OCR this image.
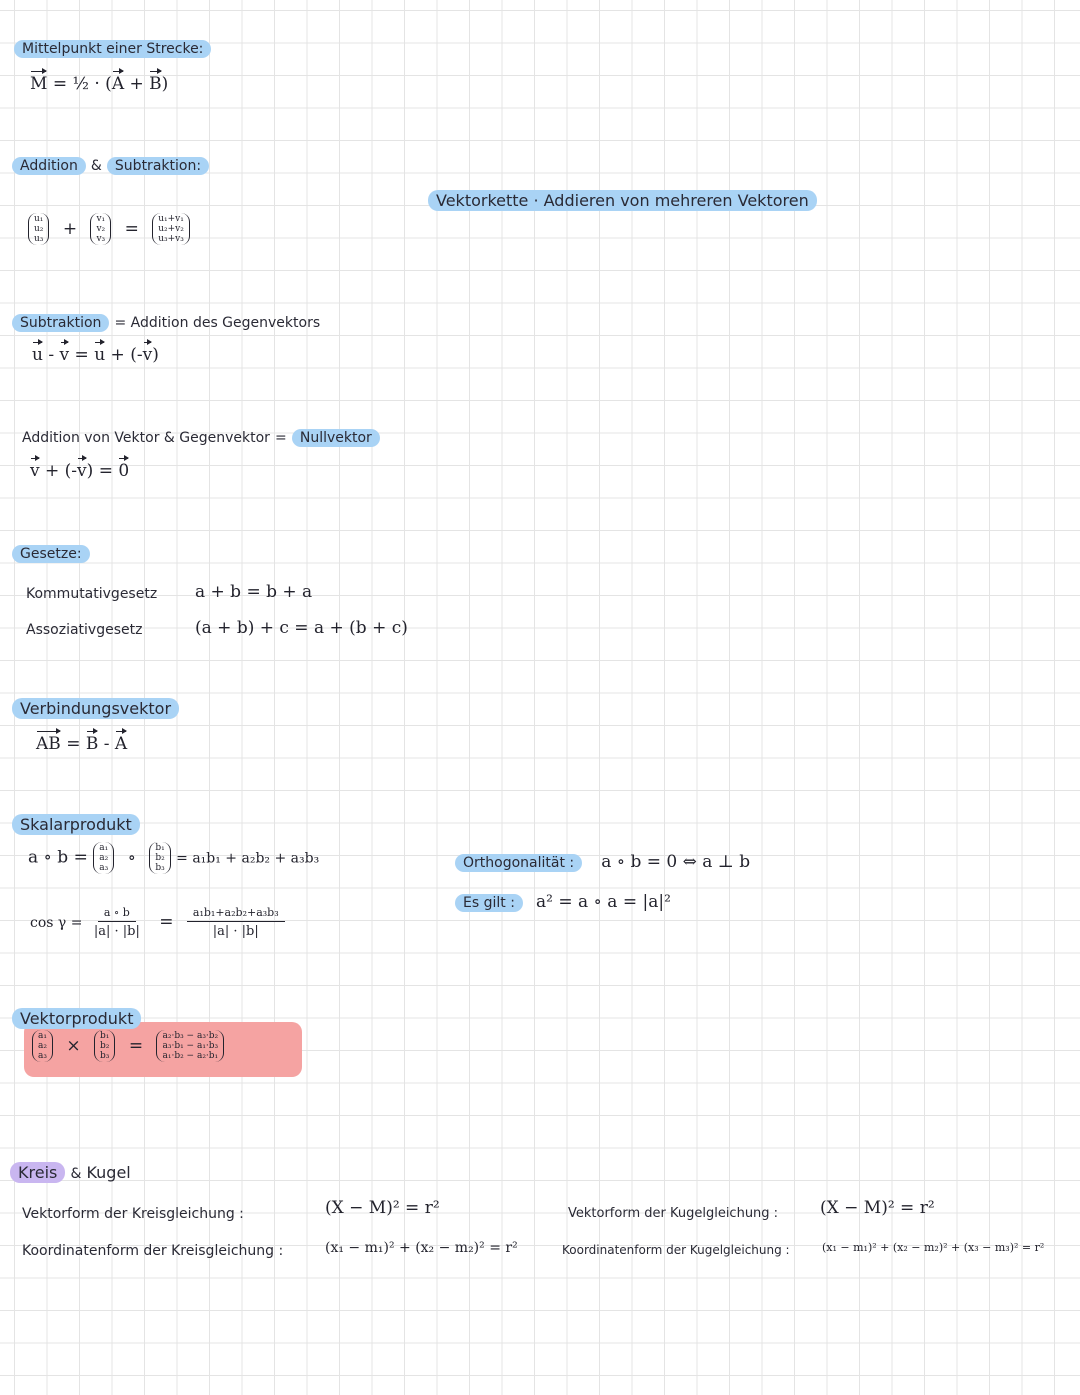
Mittelpunkt einer Strecke:
M = ½ · (A + B)
Addition & Subtraktion:
u₁
u₂
u₃
+ v₁
v₂
v₃
= u₁+v₁
u₂+v₂
u₃+v₃
Vektorkette · Addieren von mehreren Vektoren
Subtraktion = Addition des Gegenvektors
u - v = u + (-v)
Addition von Vektor & Gegenvektor = Nullvektor
v + (-v) = 0
Gesetze:
Kommutativgesetz a + b = b + a
Assoziativgesetz	(a + b) + c = a + (b + c)
Verbindungsvektor
AB = B - A
Skalarprodukt
a ∘ b = a₁
a₂
a₃
∘ b₁
b₂
b₃
= a₁b₁ + a₂b₂ + a₃b₃
$\cos \gamma = \frac{a \circ b}{|a| \cdot |b|} = \frac{\text{a₁b₁+a₂b₂+a₃b₃}}{|a| \cdot |b|}$
Orthogonalität : a ∘ b = 0 ⇔ a ⊥ b
Es gilt : a² = a ∘ a = |a|²
Vektorprodukt
a₁
a₂
a₃
× b₁
b₂
b₃
= a₂·b₃ − a₃·b₂
a₃·b₁ − a₁·b₃
a₁·b₂ − a₂·b₁
Kreis & Kugel
Vektorform der Kreisgleichung :	(X − M)² = r²
Koordinatenform der Kreisgleichung :	(x₁ − m₁)² + (x₂ − m₂)² = r²
Vektorform der Kugelgleichung : (X − M)² = r²
Koordinatenform der Kugelgleichung :	(x₁ − m₁)² + (x₂ − m₂)² + (x₃ − m₃)² = r²
